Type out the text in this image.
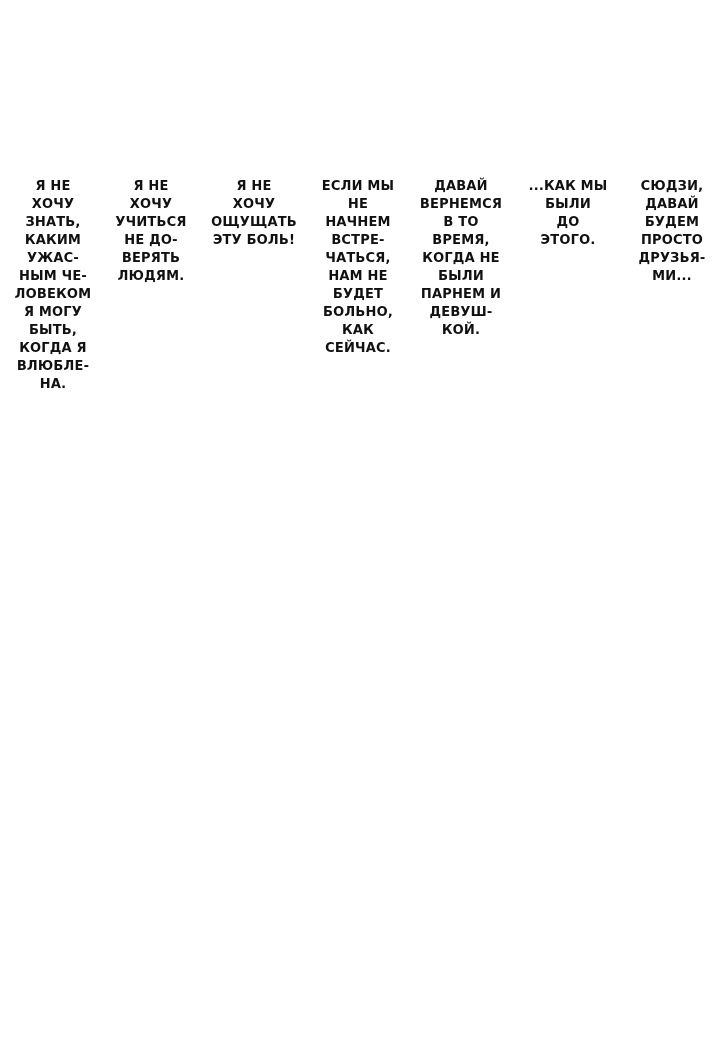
Я НЕ
ХОЧУ
ЗНАТЬ,
КАКИМ
УЖАС-
НЫМ ЧЕ-
ЛОВЕКОМ
Я МОГУ
БЫТЬ,
КОГДА Я
ВЛЮБЛЕ-
НА.
Я НЕ
ХОЧУ
УЧИТЬСЯ
НЕ ДО-
ВЕРЯТЬ
ЛЮДЯМ.
Я НЕ
ХОЧУ
ОЩУЩАТЬ
ЭТУ БОЛЬ!
ЕСЛИ МЫ
НЕ
НАЧНЕМ
ВСТРЕ-
ЧАТЬСЯ,
НАМ НЕ
БУДЕТ
БОЛЬНО,
КАК
СЕЙЧАС.
ДАВАЙ
ВЕРНЕМСЯ
В ТО
ВРЕМЯ,
КОГДА НЕ
БЫЛИ
ПАРНЕМ И
ДЕВУШ-
КОЙ.
...КАК МЫ
БЫЛИ
ДО
ЭТОГО.
СЮДЗИ,
ДАВАЙ
БУДЕМ
ПРОСТО
ДРУЗЬЯ-
МИ...
